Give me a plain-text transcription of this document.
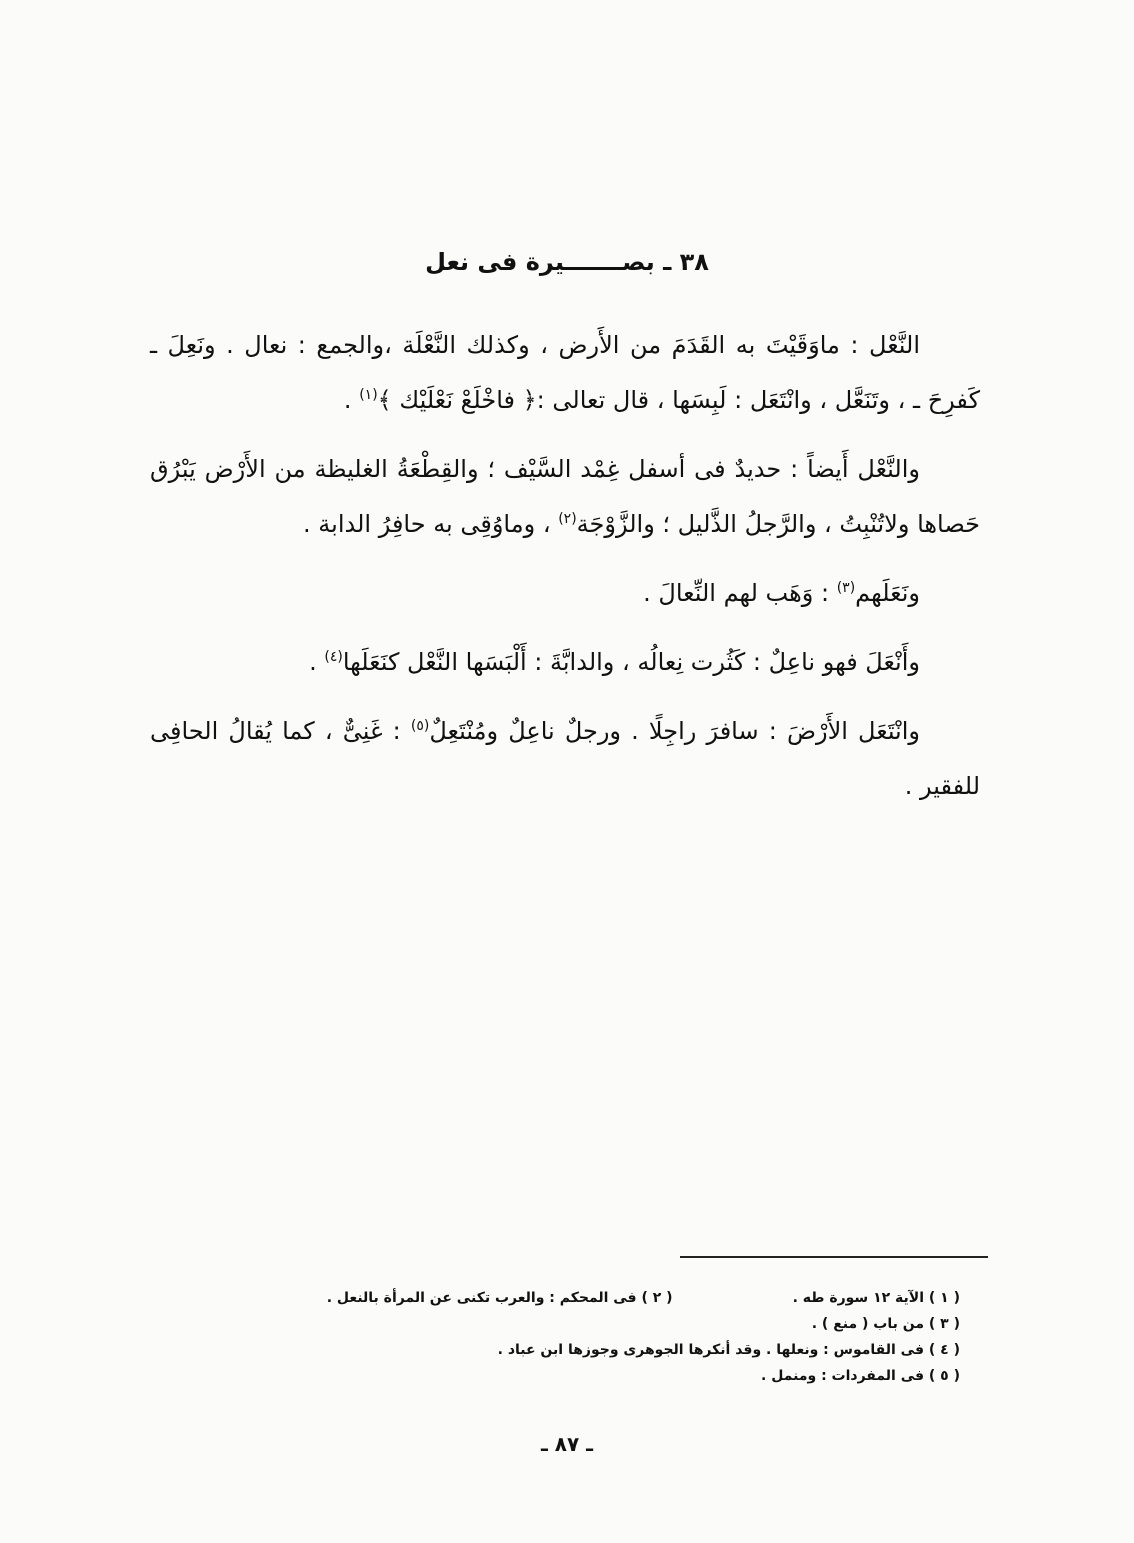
٣٨ ـ بصـــــــيرة فى نعل

النَّعْل : ماوَقَيْتَ به القَدَمَ من الأَرض ، وكذلك النَّعْلَة ،والجمع : نعال . ونَعِلَ ـ كَفرِحَ ـ ، وتَنَعَّل ، وانْتَعَل : لَبِسَها ، قال تعالى :﴿ فاخْلَعْ نَعْلَيْك ﴾$^{(١)}$ .

والنَّعْل أَيضاً : حديدٌ فى أسفل غِمْد السَّيْف ؛ والقِطْعَةُ الغليظة من الأَرْض يَبْرُق حَصاها ولاتُنْبِتُ ، والرَّجلُ الذَّليل ؛ والزَّوْجَة$^{(٢)}$ ، وماوُقِى به حافِرُ الدابة .

ونَعَلَهم$^{(٣)}$ : وَهَب لهم النِّعالَ .

وأَنْعَلَ فهو ناعِلٌ : كَثُرت نِعالُه ، والدابَّةَ : أَلْبَسَها النَّعْل كنَعَلَها$^{(٤)}$ .

وانْتَعَل الأَرْضَ : سافرَ راجِلًا . ورجلٌ ناعِلٌ ومُنْتَعِلٌ$^{(٥)}$ : غَنِىٌّ ، كما يُقالُ الحافِى للفقير .

( ١ ) الآية ١٢ سورة طه .
( ٢ ) فى المحكم : والعرب تكنى عن المرأة بالنعل .
( ٣ ) من باب ( منع ) .
( ٤ ) فى القاموس : ونعلها . وقد أنكرها الجوهرى وجوزها ابن عباد .
( ٥ ) فى المفردات : ومنمل .
ـ ٨٧ ـ
